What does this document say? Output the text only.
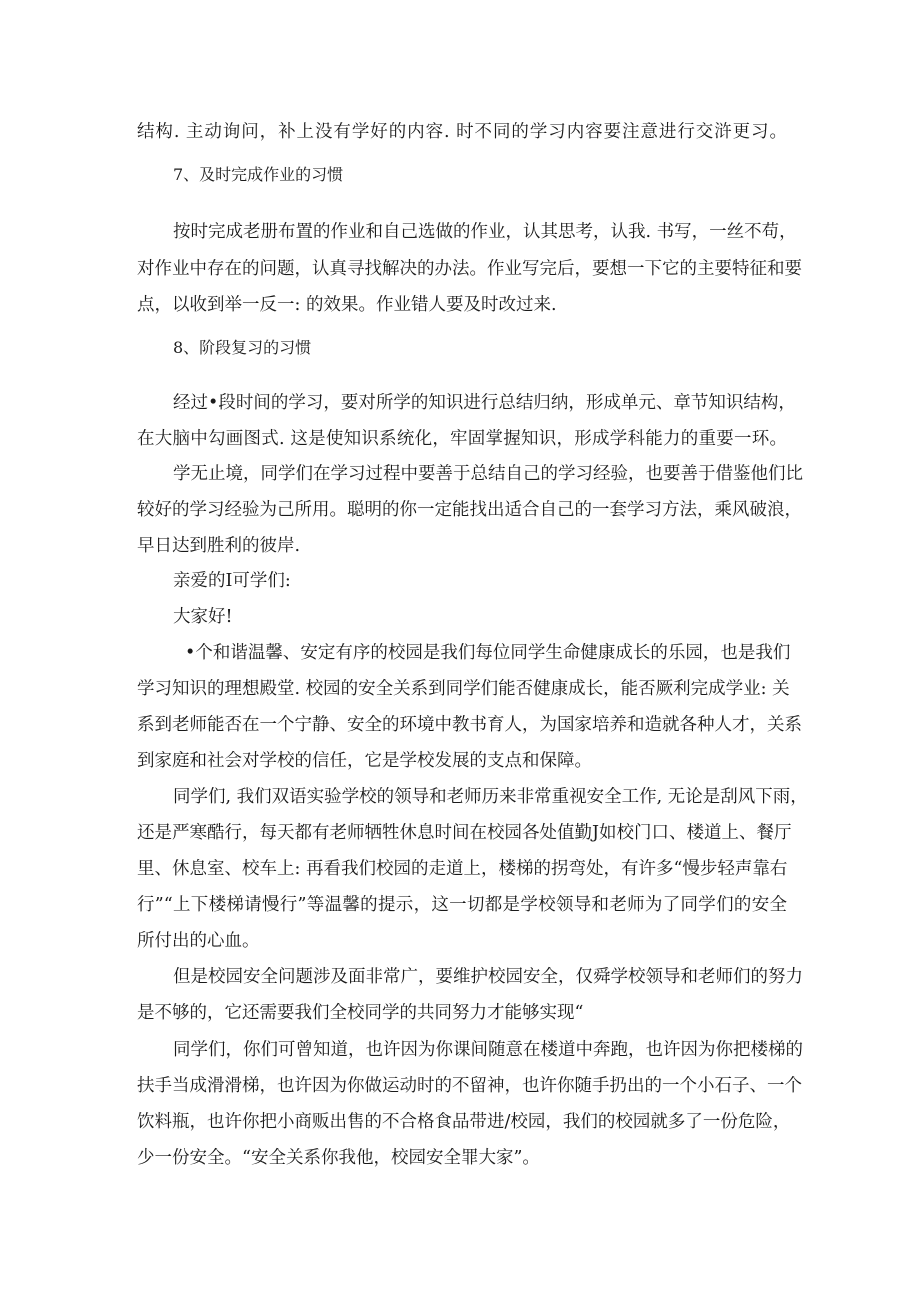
结构. 主动询问，补上没有学好的内容. 时不同的学习内容要注意进行交浒更习。
7、及时完成作业的习惯
按时完成老册布置的作业和自己选做的作业，认其思考，认我. 书写，一丝不苟，
对作业中存在的问题，认真寻找解决的办法。作业写完后，要想一下它的主要特征和要
点，以收到举一反一: 的效果。作业错人要及时改过来.
8、阶段复习的习惯
经过•段时间的学习，要对所学的知识进行总结归纳，形成单元、章节知识结构，
在大脑中勾画图式. 这是使知识系统化，牢固掌握知识，形成学科能力的重要一环。
学无止境，同学们在学习过程中要善于总结自己的学习经验，也要善于借鉴他们比
较好的学习经验为己所用。聪明的你一定能找出适合自己的一套学习方法，乘风破浪，
早日达到胜利的彼岸.
亲爱的I可学们:
大家好!
•个和谐温馨、安定有序的校园是我们每位同学生命健康成长的乐园，也是我们
学习知识的理想殿堂. 校园的安全关系到同学们能否健康成长，能否厥利完成学业: 关
系到老师能否在一个宁静、安全的环境中教书育人，为国家培养和造就各种人才，关系
到家庭和社会对学校的信任，它是学校发展的支点和保障。
同学们, 我们双语实验学校的领导和老师历来非常重视安全工作, 无论是刮风下雨，
还是严寒酷行，每天都有老师牺牲休息时间在校园各处值勤J如校门口、楼道上、餐厅
里、休息室、校车上: 再看我们校园的走道上，楼梯的拐弯处，有许多“慢步轻声靠右
行”“上下楼梯请慢行”等温馨的提示，这一切都是学校领导和老师为了同学们的安全
所付出的心血。
但是校园安全问题涉及面非常广，要维护校园安全，仅舜学校领导和老师们的努力
是不够的，它还需要我们全校同学的共同努力才能够实现“
同学们，你们可曾知道，也许因为你课间随意在楼道中奔跑，也许因为你把楼梯的
扶手当成滑滑梯，也许因为你做运动时的不留神，也许你随手扔出的一个小石子、一个
饮料瓶，也许你把小商贩出售的不合格食品带进/校园，我们的校园就多了一份危险，
少一份安全。“安全关系你我他，校园安全罪大家”。
